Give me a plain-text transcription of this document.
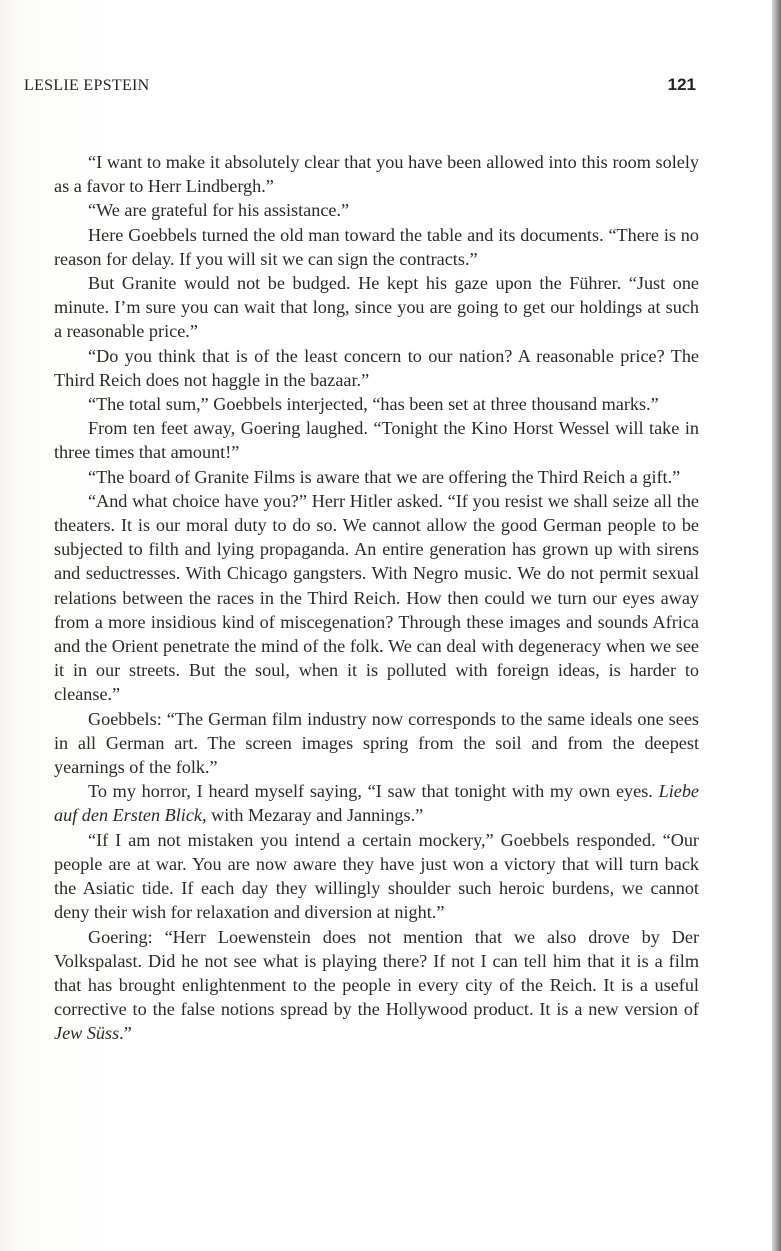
LESLIE EPSTEIN	121

“I want to make it absolutely clear that you have been allowed into this room solely as a favor to Herr Lindbergh.”

“We are grateful for his assistance.”

Here Goebbels turned the old man toward the table and its documents. “There is no reason for delay. If you will sit we can sign the contracts.”

But Granite would not be budged. He kept his gaze upon the Führer. “Just one minute. I’m sure you can wait that long, since you are going to get our holdings at such a reasonable price.”

“Do you think that is of the least concern to our nation? A reasonable price? The Third Reich does not haggle in the bazaar.”

“The total sum,” Goebbels interjected, “has been set at three thousand marks.”

From ten feet away, Goering laughed. “Tonight the Kino Horst Wessel will take in three times that amount!”

“The board of Granite Films is aware that we are offering the Third Reich a gift.”

“And what choice have you?” Herr Hitler asked. “If you resist we shall seize all the theaters. It is our moral duty to do so. We cannot allow the good German people to be subjected to filth and lying propaganda. An entire generation has grown up with sirens and seductresses. With Chicago gangsters. With Negro music. We do not permit sexual relations between the races in the Third Reich. How then could we turn our eyes away from a more insidious kind of miscegenation? Through these images and sounds Africa and the Orient penetrate the mind of the folk. We can deal with degeneracy when we see it in our streets. But the soul, when it is polluted with foreign ideas, is harder to cleanse.”

Goebbels: “The German film industry now corresponds to the same ideals one sees in all German art. The screen images spring from the soil and from the deepest yearnings of the folk.”

To my horror, I heard myself saying, “I saw that tonight with my own eyes. Liebe auf den Ersten Blick, with Mezaray and Jannings.”

“If I am not mistaken you intend a certain mockery,” Goebbels responded. “Our people are at war. You are now aware they have just won a victory that will turn back the Asiatic tide. If each day they willingly shoulder such heroic burdens, we cannot deny their wish for relaxation and diversion at night.”

Goering: “Herr Loewenstein does not mention that we also drove by Der Volkspalast. Did he not see what is playing there? If not I can tell him that it is a film that has brought enlightenment to the people in every city of the Reich. It is a useful corrective to the false notions spread by the Hollywood product. It is a new version of Jew Süss.”
